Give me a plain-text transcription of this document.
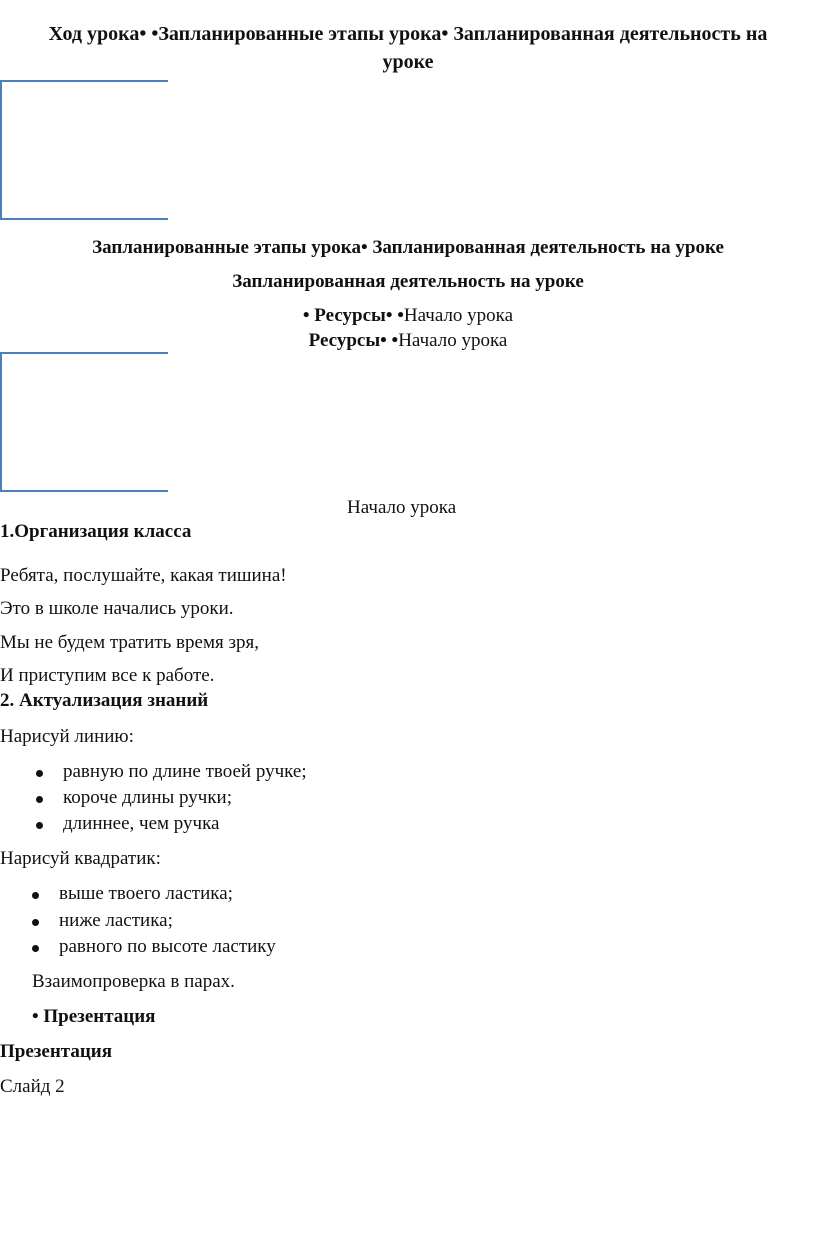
Ход урока• •Запланированные этапы урока• Запланированная деятельность на
уроке
Запланированные этапы урока• Запланированная деятельность на уроке
Запланированная деятельность на уроке
• Ресурсы• •Начало урока
Ресурсы• •Начало урока
Начало урока
1.Организация класса
Ребята, послушайте, какая тишина!
Это в школе начались уроки.
Мы не будем тратить время зря,
И приступим все к работе.
2. Актуализация знаний
Нарисуй линию:
равную по длине твоей ручке;
короче длины ручки;
длиннее, чем ручка
Нарисуй квадратик:
выше твоего ластика;
ниже ластика;
равного по высоте ластику
Взаимопроверка в парах.
• Презентация
Презентация
Слайд 2
